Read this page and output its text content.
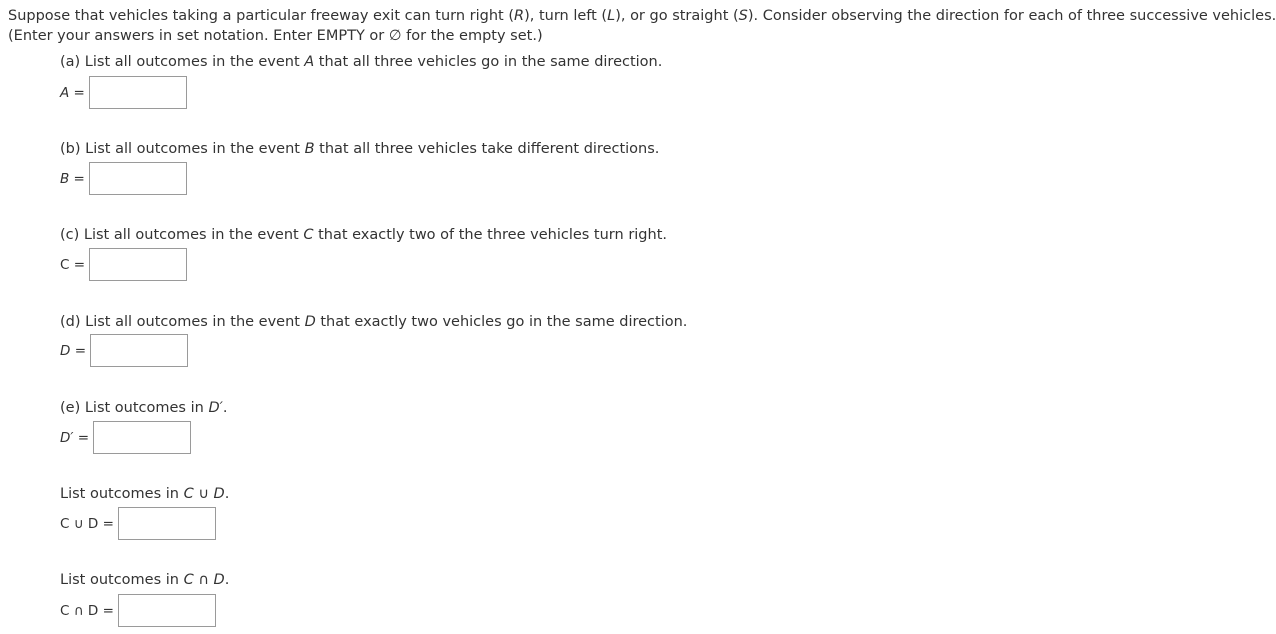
Suppose that vehicles taking a particular freeway exit can turn right (R), turn left (L), or go straight (S). Consider observing the direction for each of three successive vehicles.
(Enter your answers in set notation. Enter EMPTY or ∅ for the empty set.)
(a) List all outcomes in the event A that all three vehicles go in the same direction.
A =
(b) List all outcomes in the event B that all three vehicles take different directions.
B =
(c) List all outcomes in the event C that exactly two of the three vehicles turn right.
C =
(d) List all outcomes in the event D that exactly two vehicles go in the same direction.
D =
(e) List outcomes in D′.
D′ =
List outcomes in C ∪ D.
C ∪ D =
List outcomes in C ∩ D.
C ∩ D =
